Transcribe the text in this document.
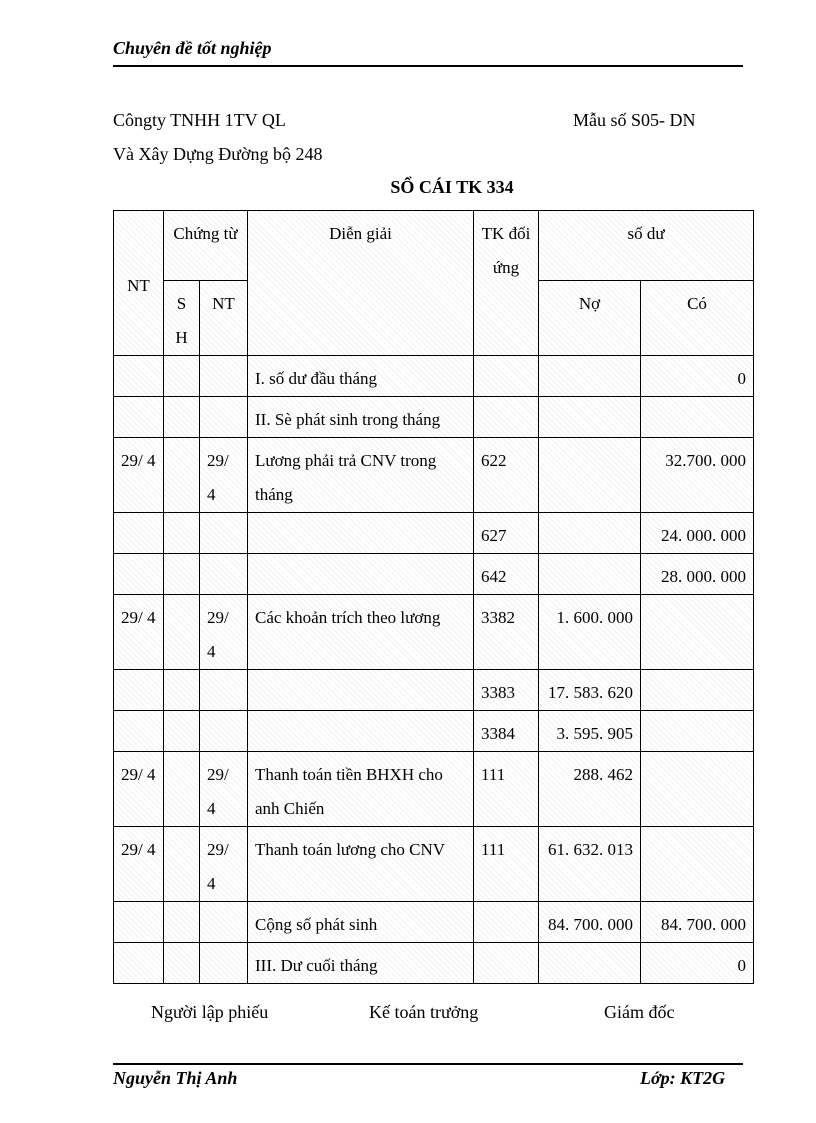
Chuyên đề tốt nghiệp
Côngty TNHH 1TV QL
Và Xây Dựng Đường bộ 248
Mẫu số S05- DN
SỔ CÁI TK 334
NT	Chứng từ		Diễn giải	TK đối ứng	số dư	
	S H	NT			Nợ	Có
			I. số dư đầu tháng			0
			II. Sè phát sinh trong tháng			
29/ 4		29/ 4	Lương phải trả CNV trong tháng	622		32.700. 000
				627		24. 000. 000
				642		28. 000. 000
29/ 4		29/ 4	Các khoản trích theo lương	3382	1. 600. 000	
				3383	17. 583. 620	
				3384	3. 595. 905	
29/ 4		29/ 4	Thanh toán tiền BHXH cho anh Chiến	111	288. 462	
29/ 4		29/ 4	Thanh toán lương cho CNV	111	61. 632. 013	
			Cộng số phát sinh		84. 700. 000	84. 700. 000
			III. Dư cuối tháng			0
Người lập phiếu	Kế toán trưởng	Giám đốc
Nguyễn Thị Anh	Lớp: KT2G
